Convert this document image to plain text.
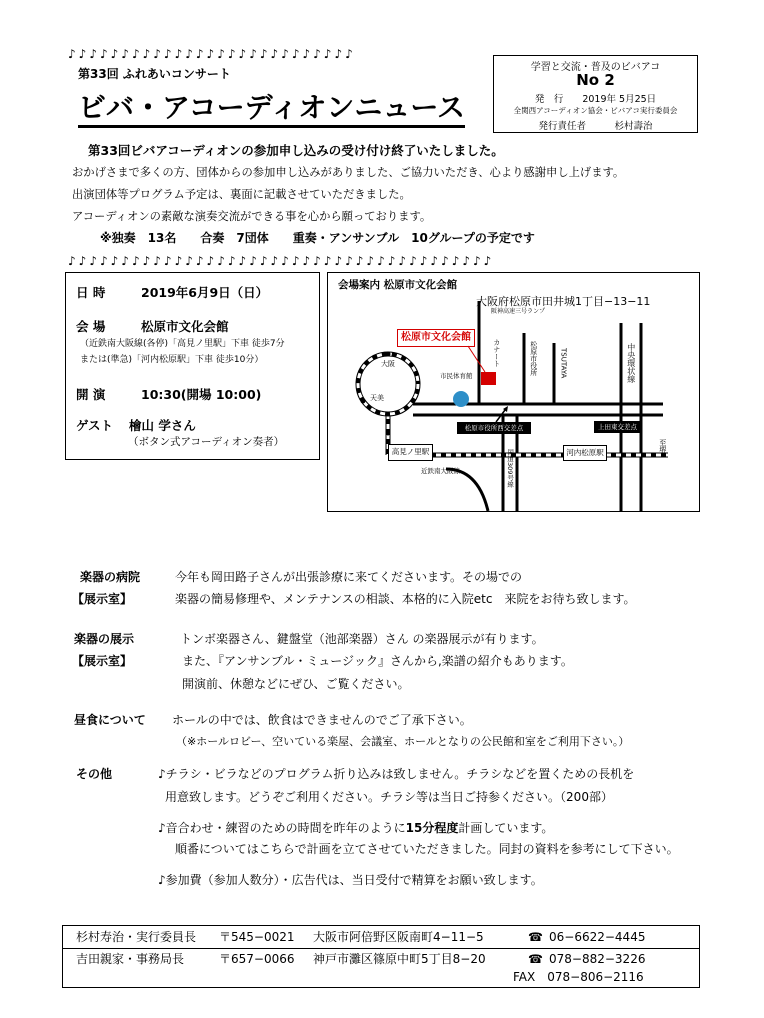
♪♪♪♪♪♪♪♪♪♪♪♪♪♪♪♪♪♪♪♪♪♪♪♪♪♪♪
第33回 ふれあいコンサート
ビバ・アコーディオンニュース
学習と交流・普及のビバアコ
No 2
発　行　　2019年 5月25日
全関西アコーディオン協会・ビバアコ実行委員会
発行責任者　　　杉村壽治
第33回ビバアコーディオンの参加申し込みの受け付け終了いたしました。
おかげさまで多くの方、団体からの参加申し込みがありました、ご協力いただき、心より感謝申し上げます。
出演団体等プログラム予定は、裏面に記載させていただきました。
アコーディオンの素敵な演奏交流ができる事を心から願っております。
※独奏　13名　　合奏　7団体　　重奏・アンサンブル　10グループの予定です
♪♪♪♪♪♪♪♪♪♪♪♪♪♪♪♪♪♪♪♪♪♪♪♪♪♪♪♪♪♪♪♪♪♪♪♪♪♪♪♪
日 時	2019年6月9日（日）
会 場	松原市文化会館
（近鉄南大阪線(各停)「高見ノ里駅」下車 徒歩7分
または(準急)「河内松原駅」下車 徒歩10分）
開 演	10:30(開場 10:00)
ゲスト 檜山 学さん
（ボタン式アコーディオン奏者）
会場案内 松原市文化会館
大阪府松原市田井城1丁目−13−11
阪神高速三号ランプ
松原市文化会館
市民体育館
カナート	松原市役所	TSUTAYA	中央環状線
至堺
大阪
天美
高見ノ里駅	河内松原駅
近鉄南大阪線	国道309号線
松原市役所西交差点	上田東交差点
楽器の病院	今年も岡田路子さんが出張診療に来てくださいます。その場での
【展示室】	楽器の簡易修理や、メンテナンスの相談、本格的に入院etc　来院をお待ち致します。
楽器の展示	トンボ楽器さん、鍵盤堂（池部楽器）さん の楽器展示が有ります。
【展示室】	また、『アンサンブル・ミュージック』さんから,楽譜の紹介もあります。
開演前、休憩などにぜひ、ご覧ください。
昼食について ホールの中では、飲食はできませんのでご了承下さい。
（※ホールロビー、空いている楽屋、会議室、ホールとなりの公民館和室をご利用下さい。）
その他	♪チラシ・ビラなどのプログラム折り込みは致しません。チラシなどを置くための長机を
用意致します。どうぞご利用ください。チラシ等は当日ご持参ください。（200部）
♪音合わせ・練習のための時間を昨年のように15分程度計画しています。
順番についてはこちらで計画を立てさせていただきました。同封の資料を参考にして下さい。
♪参加費（参加人数分）・広告代は、当日受付で精算をお願い致します。
杉村寿治・実行委員長 〒545−0021 大阪市阿倍野区阪南町4−11−5	☎ 06−6622−4445
吉田親家・事務局長	〒657−0066 神戸市灘区篠原中町5丁目8−20	☎ 078−882−3226
FAX　078−806−2116
